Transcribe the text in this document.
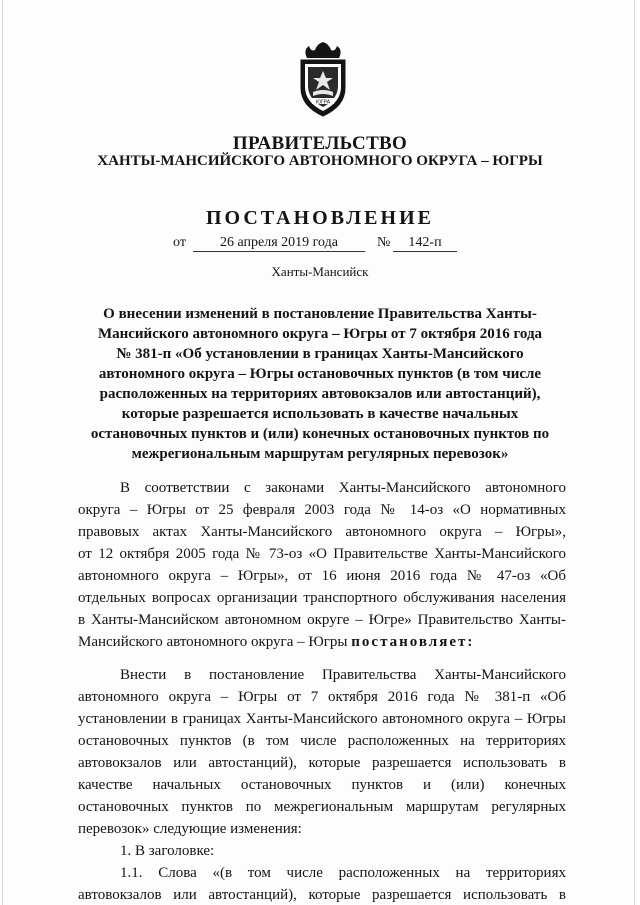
ЮГРА
ПРАВИТЕЛЬСТВО
ХАНТЫ-МАНСИЙСКОГО АВТОНОМНОГО ОКРУГА – ЮГРЫ
ПОСТАНОВЛЕНИЕ
от	26 апреля 2019 года	№	142-п
Ханты-Мансийск
О внесении изменений в постановление Правительства Ханты-
Мансийского автономного округа – Югры от 7 октября 2016 года
№ 381-п «Об установлении в границах Ханты-Мансийского
автономного округа – Югры остановочных пунктов (в том числе
расположенных на территориях автовокзалов или автостанций),
которые разрешается использовать в качестве начальных
остановочных пунктов и (или) конечных остановочных пунктов по
межрегиональным маршрутам регулярных перевозок»
В соответствии с законами Ханты-Мансийского автономного
округа – Югры от 25 февраля 2003 года № 14-оз «О нормативных
правовых актах Ханты-Мансийского автономного округа – Югры»,
от 12 октября 2005 года № 73-оз «О Правительстве Ханты-Мансийского
автономного округа – Югры», от 16 июня 2016 года № 47-оз «Об
отдельных вопросах организации транспортного обслуживания населения
в Ханты-Мансийском автономном округе – Югре» Правительство Ханты-
Мансийского автономного округа – Югры постановляет:
Внести в постановление Правительства Ханты-Мансийского
автономного округа – Югры от 7 октября 2016 года № 381-п «Об
установлении в границах Ханты-Мансийского автономного округа – Югры
остановочных пунктов (в том числе расположенных на территориях
автовокзалов или автостанций), которые разрешается использовать в
качестве начальных остановочных пунктов и (или) конечных
остановочных пунктов по межрегиональным маршрутам регулярных
перевозок» следующие изменения:
1. В заголовке:
1.1. Слова «(в том числе расположенных на территориях
автовокзалов или автостанций), которые разрешается использовать в
